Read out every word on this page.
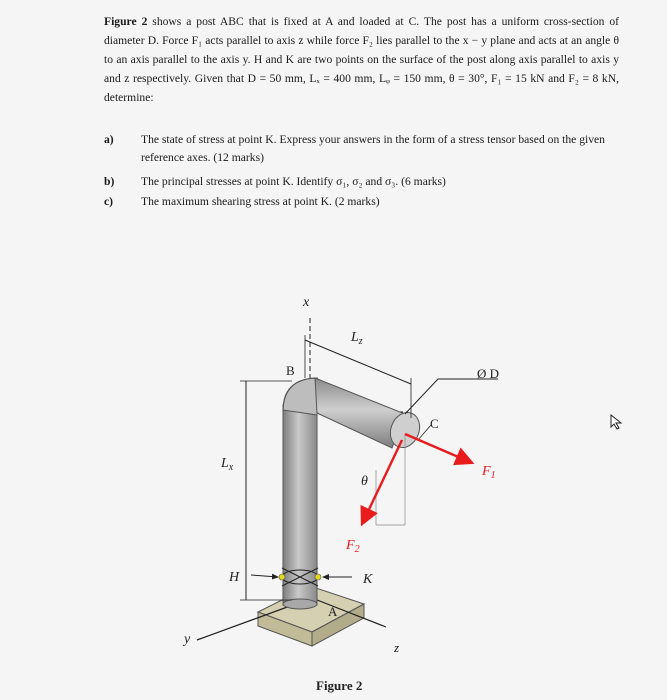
Figure 2 shows a post ABC that is fixed at A and loaded at C. The post has a uniform cross-section of diameter D. Force F₁ acts parallel to axis z while force F₂ lies parallel to the x − y plane and acts at an angle θ to an axis parallel to the axis y. H and K are two points on the surface of the post along axis parallel to axis y and z respectively. Given that D = 50 mm, Lₓ = 400 mm, Lᵩ = 150 mm, θ = 30°, F₁ = 15 kN and F₂ = 8 kN, determine:

a) The state of stress at point K. Express your answers in the form of a stress tensor based on the given reference axes. (12 marks)
b) The principal stresses at point K. Identify σ₁, σ₂ and σ₃. (6 marks)
c) The maximum shearing stress at point K. (2 marks)
x
y
z
$L_z$
$L_x$
B
C
A
H	K
Ø D
$F_1$
$F_2$
θ
Figure 2
